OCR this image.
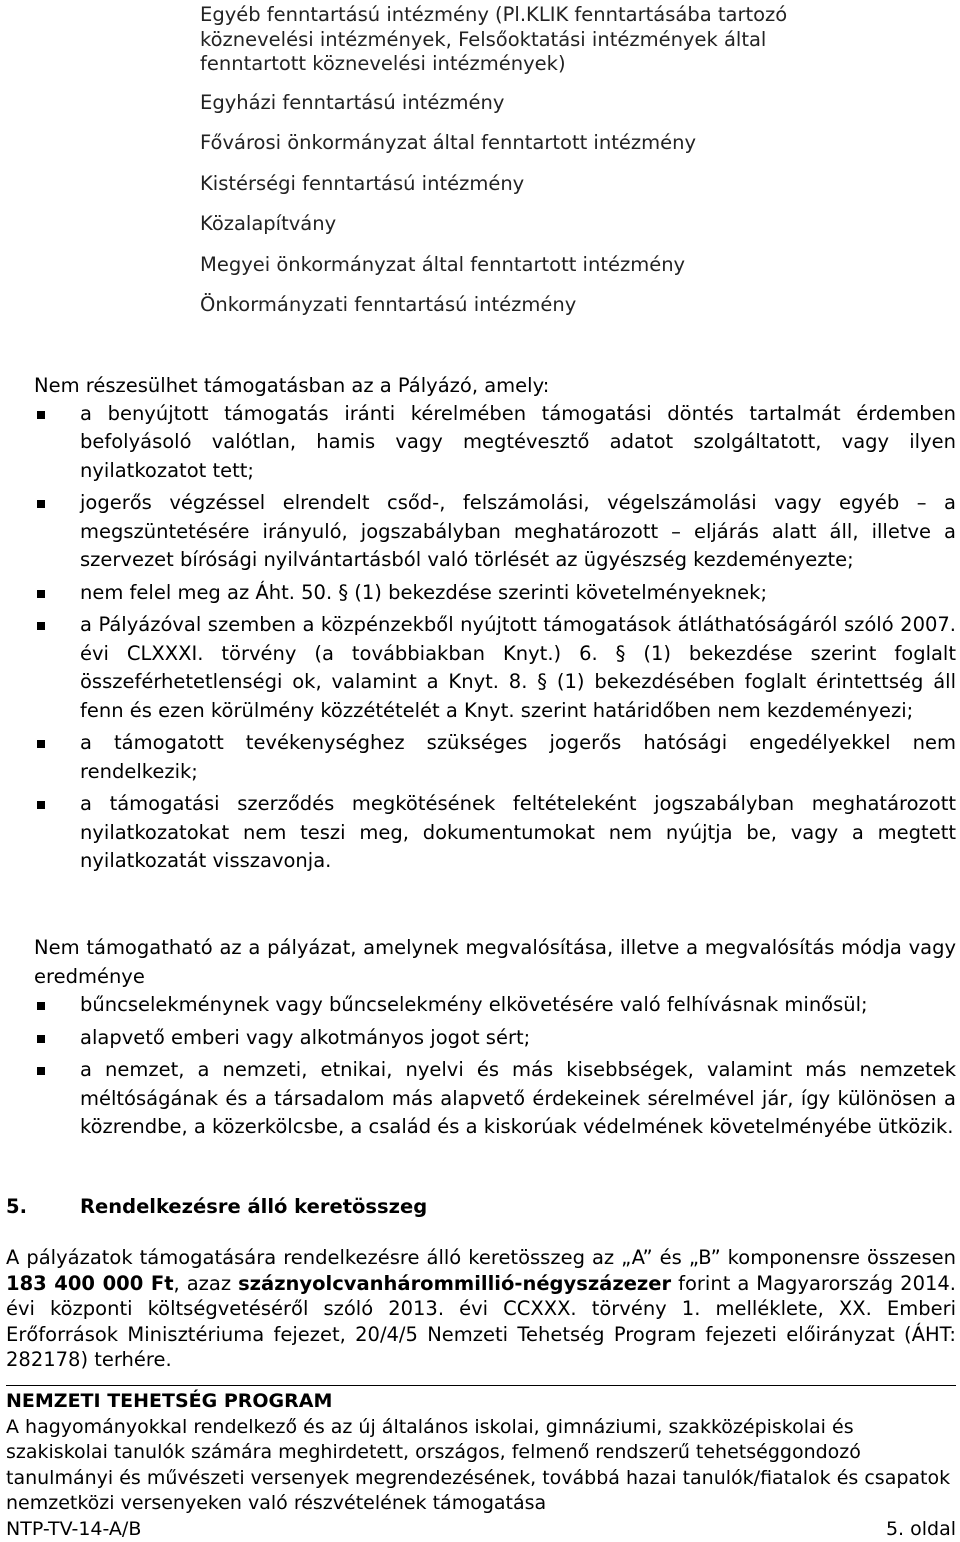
Egyéb fenntartású intézmény (Pl.KLIK fenntartásába tartozó köznevelési intézmények, Felsőoktatási intézmények által fenntartott köznevelési intézmények)

Egyházi fenntartású intézmény

Fővárosi önkormányzat által fenntartott intézmény

Kistérségi fenntartású intézmény

Közalapítvány

Megyei önkormányzat által fenntartott intézmény

Önkormányzati fenntartású intézmény

Nem részesülhet támogatásban az a Pályázó, amely:

a benyújtott támogatás iránti kérelmében támogatási döntés tartalmát érdemben befolyásoló valótlan, hamis vagy megtévesztő adatot szolgáltatott, vagy ilyen nyilatkozatot tett;
jogerős végzéssel elrendelt csőd-, felszámolási, végelszámolási vagy egyéb – a megszüntetésére irányuló, jogszabályban meghatározott – eljárás alatt áll, illetve a szervezet bírósági nyilvántartásból való törlését az ügyészség kezdeményezte;
nem felel meg az Áht. 50. § (1) bekezdése szerinti követelményeknek;
a Pályázóval szemben a közpénzekből nyújtott támogatások átláthatóságáról szóló 2007. évi CLXXXI. törvény (a továbbiakban Knyt.) 6. § (1) bekezdése szerint foglalt összeférhetetlenségi ok, valamint a Knyt. 8. § (1) bekezdésében foglalt érintettség áll fenn és ezen körülmény közzétételét a Knyt. szerint határidőben nem kezdeményezi;
a támogatott tevékenységhez szükséges jogerős hatósági engedélyekkel nem rendelkezik;
a támogatási szerződés megkötésének feltételeként jogszabályban meghatározott nyilatkozatokat nem teszi meg, dokumentumokat nem nyújtja be, vagy a megtett nyilatkozatát visszavonja.

Nem támogatható az a pályázat, amelynek megvalósítása, illetve a megvalósítás módja vagy eredménye

bűncselekménynek vagy bűncselekmény elkövetésére való felhívásnak minősül;
alapvető emberi vagy alkotmányos jogot sért;
a nemzet, a nemzeti, etnikai, nyelvi és más kisebbségek, valamint más nemzetek méltóságának és a társadalom más alapvető érdekeinek sérelmével jár, így különösen a közrendbe, a közerkölcsbe, a család és a kiskorúak védelmének követelményébe ütközik.
5.	Rendelkezésre álló keretösszeg

A pályázatok támogatására rendelkezésre álló keretösszeg az „A” és „B” komponensre összesen 183 400 000 Ft, azaz száznyolcvanhárommillió-négyszázezer forint a Magyarország 2014. évi központi költségvetéséről szóló 2013. évi CCXXX. törvény 1. melléklete, XX. Emberi Erőforrások Minisztériuma fejezet, 20/4/5 Nemzeti Tehetség Program fejezeti előirányzat (ÁHT: 282178) terhére.

NEMZETI TEHETSÉG PROGRAM

A hagyományokkal rendelkező és az új általános iskolai, gimnáziumi, szakközépiskolai és szakiskolai tanulók számára meghirdetett, országos, felmenő rendszerű tehetséggondozó tanulmányi és művészeti versenyek megrendezésének, továbbá hazai tanulók/fiatalok és csapatok nemzetközi versenyeken való részvételének támogatása

NTP-TV-14-A/B	5. oldal
